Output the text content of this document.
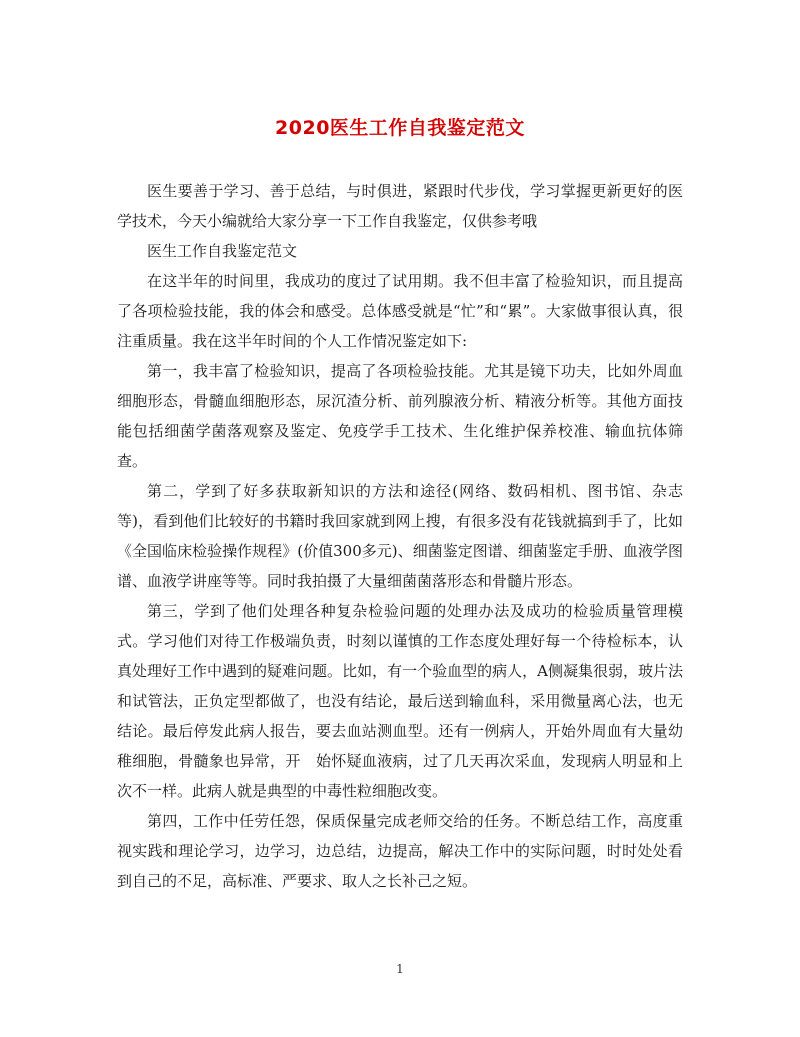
2020医生工作自我鉴定范文

医生要善于学习、善于总结，与时俱进，紧跟时代步伐，学习掌握更新更好的医学技术，今天小编就给大家分享一下工作自我鉴定，仅供参考哦

医生工作自我鉴定范文

在这半年的时间里，我成功的度过了试用期。我不但丰富了检验知识，而且提高了各项检验技能，我的体会和感受。总体感受就是“忙”和“累”。大家做事很认真，很注重质量。我在这半年时间的个人工作情况鉴定如下:

第一，我丰富了检验知识，提高了各项检验技能。尤其是镜下功夫，比如外周血细胞形态，骨髓血细胞形态，尿沉渣分析、前列腺液分析、精液分析等。其他方面技能包括细菌学菌落观察及鉴定、免疫学手工技术、生化维护保养校准、输血抗体筛查。

第二，学到了好多获取新知识的方法和途径(网络、数码相机、图书馆、杂志等)，看到他们比较好的书籍时我回家就到网上搜，有很多没有花钱就搞到手了，比如《全国临床检验操作规程》(价值300多元)、细菌鉴定图谱、细菌鉴定手册、血液学图谱、血液学讲座等等。同时我拍摄了大量细菌菌落形态和骨髓片形态。

第三，学到了他们处理各种复杂检验问题的处理办法及成功的检验质量管理模式。学习他们对待工作极端负责，时刻以谨慎的工作态度处理好每一个待检标本，认真处理好工作中遇到的疑难问题。比如，有一个验血型的病人，A侧凝集很弱，玻片法和试管法，正负定型都做了，也没有结论，最后送到输血科，采用微量离心法，也无结论。最后停发此病人报告，要去血站测血型。还有一例病人，开始外周血有大量幼稚细胞，骨髓象也异常，开　始怀疑血液病，过了几天再次采血，发现病人明显和上次不一样。此病人就是典型的中毒性粒细胞改变。

第四，工作中任劳任怨，保质保量完成老师交给的任务。不断总结工作，高度重视实践和理论学习，边学习，边总结，边提高，解决工作中的实际问题，时时处处看到自己的不足，高标准、严要求、取人之长补己之短。

1
